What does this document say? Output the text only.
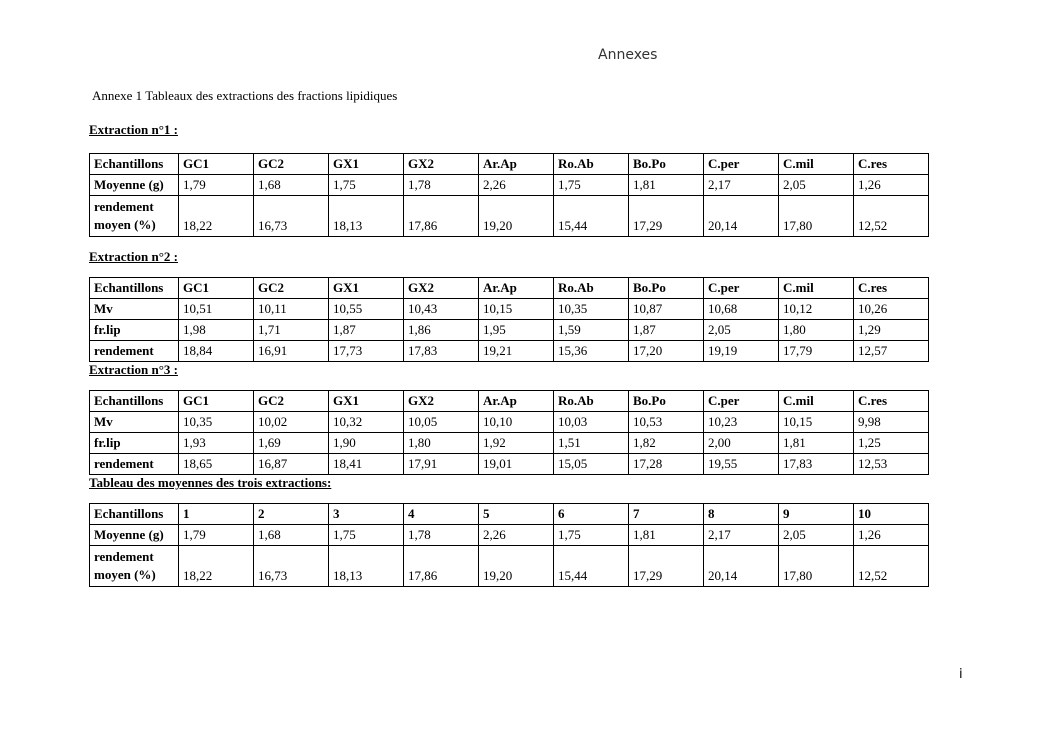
Annexes
Annexe 1 Tableaux des extractions des fractions lipidiques
Extraction n°1 :
Echantillons	GC1	GC2	GX1	GX2	Ar.Ap	Ro.Ab	Bo.Po	C.per	C.mil	C.res
Moyenne (g)	1,79	1,68	1,75	1,78	2,26	1,75	1,81	2,17	2,05	1,26
rendement moyen (%)	18,22	16,73	18,13	17,86	19,20	15,44	17,29	20,14	17,80	12,52
Extraction n°2 :
Echantillons	GC1	GC2	GX1	GX2	Ar.Ap	Ro.Ab	Bo.Po	C.per	C.mil	C.res
Mv	10,51	10,11	10,55	10,43	10,15	10,35	10,87	10,68	10,12	10,26
fr.lip	1,98	1,71	1,87	1,86	1,95	1,59	1,87	2,05	1,80	1,29
rendement	18,84	16,91	17,73	17,83	19,21	15,36	17,20	19,19	17,79	12,57
Extraction n°3 :
Echantillons	GC1	GC2	GX1	GX2	Ar.Ap	Ro.Ab	Bo.Po	C.per	C.mil	C.res
Mv	10,35	10,02	10,32	10,05	10,10	10,03	10,53	10,23	10,15	9,98
fr.lip	1,93	1,69	1,90	1,80	1,92	1,51	1,82	2,00	1,81	1,25
rendement	18,65	16,87	18,41	17,91	19,01	15,05	17,28	19,55	17,83	12,53
Tableau des moyennes des trois extractions:
Echantillons	1	2	3	4	5	6	7	8	9	10
Moyenne (g)	1,79	1,68	1,75	1,78	2,26	1,75	1,81	2,17	2,05	1,26
rendement moyen (%)	18,22	16,73	18,13	17,86	19,20	15,44	17,29	20,14	17,80	12,52
i
